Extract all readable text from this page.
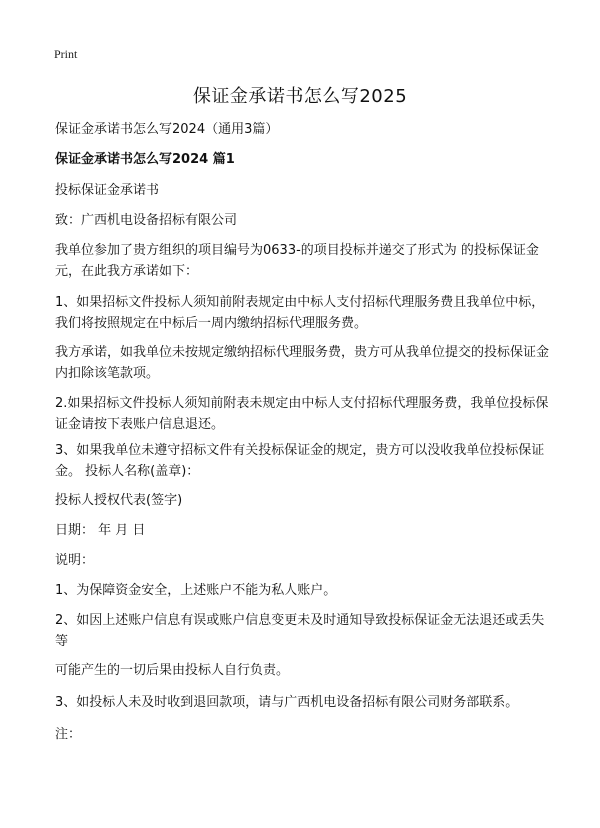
Print
保证金承诺书怎么写2025

保证金承诺书怎么写2024（通用3篇）

保证金承诺书怎么写2024 篇1

投标保证金承诺书

致：广西机电设备招标有限公司

我单位参加了贵方组织的项目编号为0633-的项目投标并递交了形式为 的投标保证金 元，在此我方承诺如下：

1、如果招标文件投标人须知前附表规定由中标人支付招标代理服务费且我单位中标，我们将按照规定在中标后一周内缴纳招标代理服务费。

我方承诺，如我单位未按规定缴纳招标代理服务费，贵方可从我单位提交的投标保证金 内扣除该笔款项。

2.如果招标文件投标人须知前附表未规定由中标人支付招标代理服务费，我单位投标保 证金请按下表账户信息退还。

3、如果我单位未遵守招标文件有关投标保证金的规定，贵方可以没收我单位投标保证金。 投标人名称(盖章)：

投标人授权代表(签字)

日期： 年 月 日

说明：

1、为保障资金安全，上述账户不能为私人账户。

2、如因上述账户信息有误或账户信息变更未及时通知导致投标保证金无法退还或丢失等

可能产生的一切后果由投标人自行负责。

3、如投标人未及时收到退回款项，请与广西机电设备招标有限公司财务部联系。

注：
